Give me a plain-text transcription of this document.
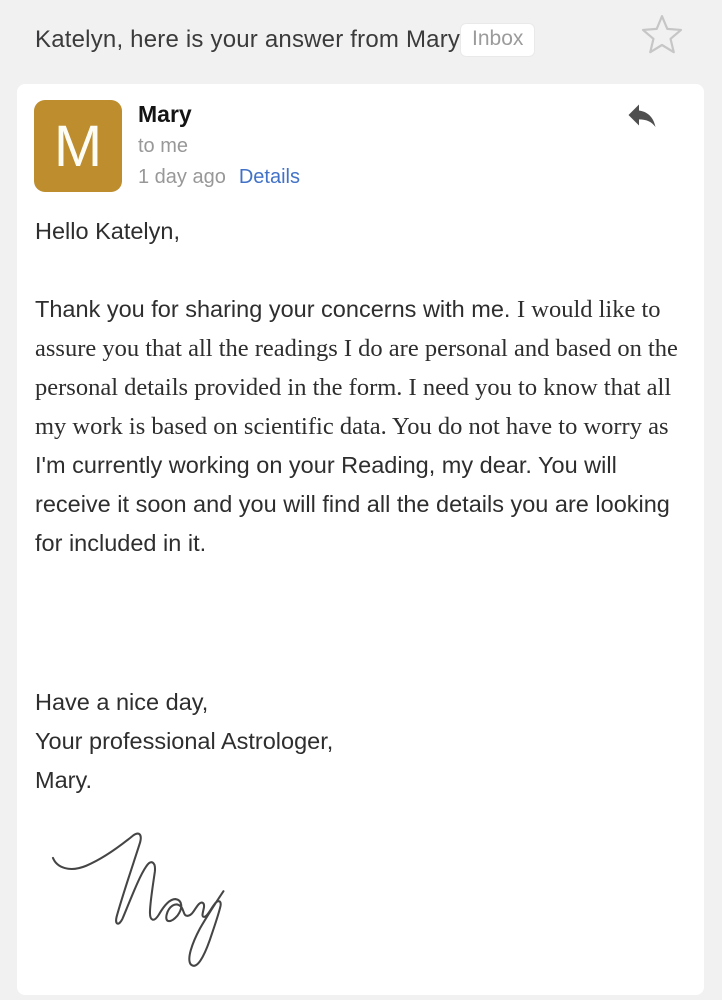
Katelyn, here is your answer from Mary Inbox
M	Mary
to me
1 day ago Details
Hello Katelyn,
Thank you for sharing your concerns with me. I would like to assure you that all the readings I do are personal and based on the personal details provided in the form. I need you to know that all my work is based on scientific data. You do not have to worry as I'm currently working on your Reading, my dear. You will receive it soon and you will find all the details you are looking for included in it.
Have a nice day,
Your professional Astrologer,
Mary.
